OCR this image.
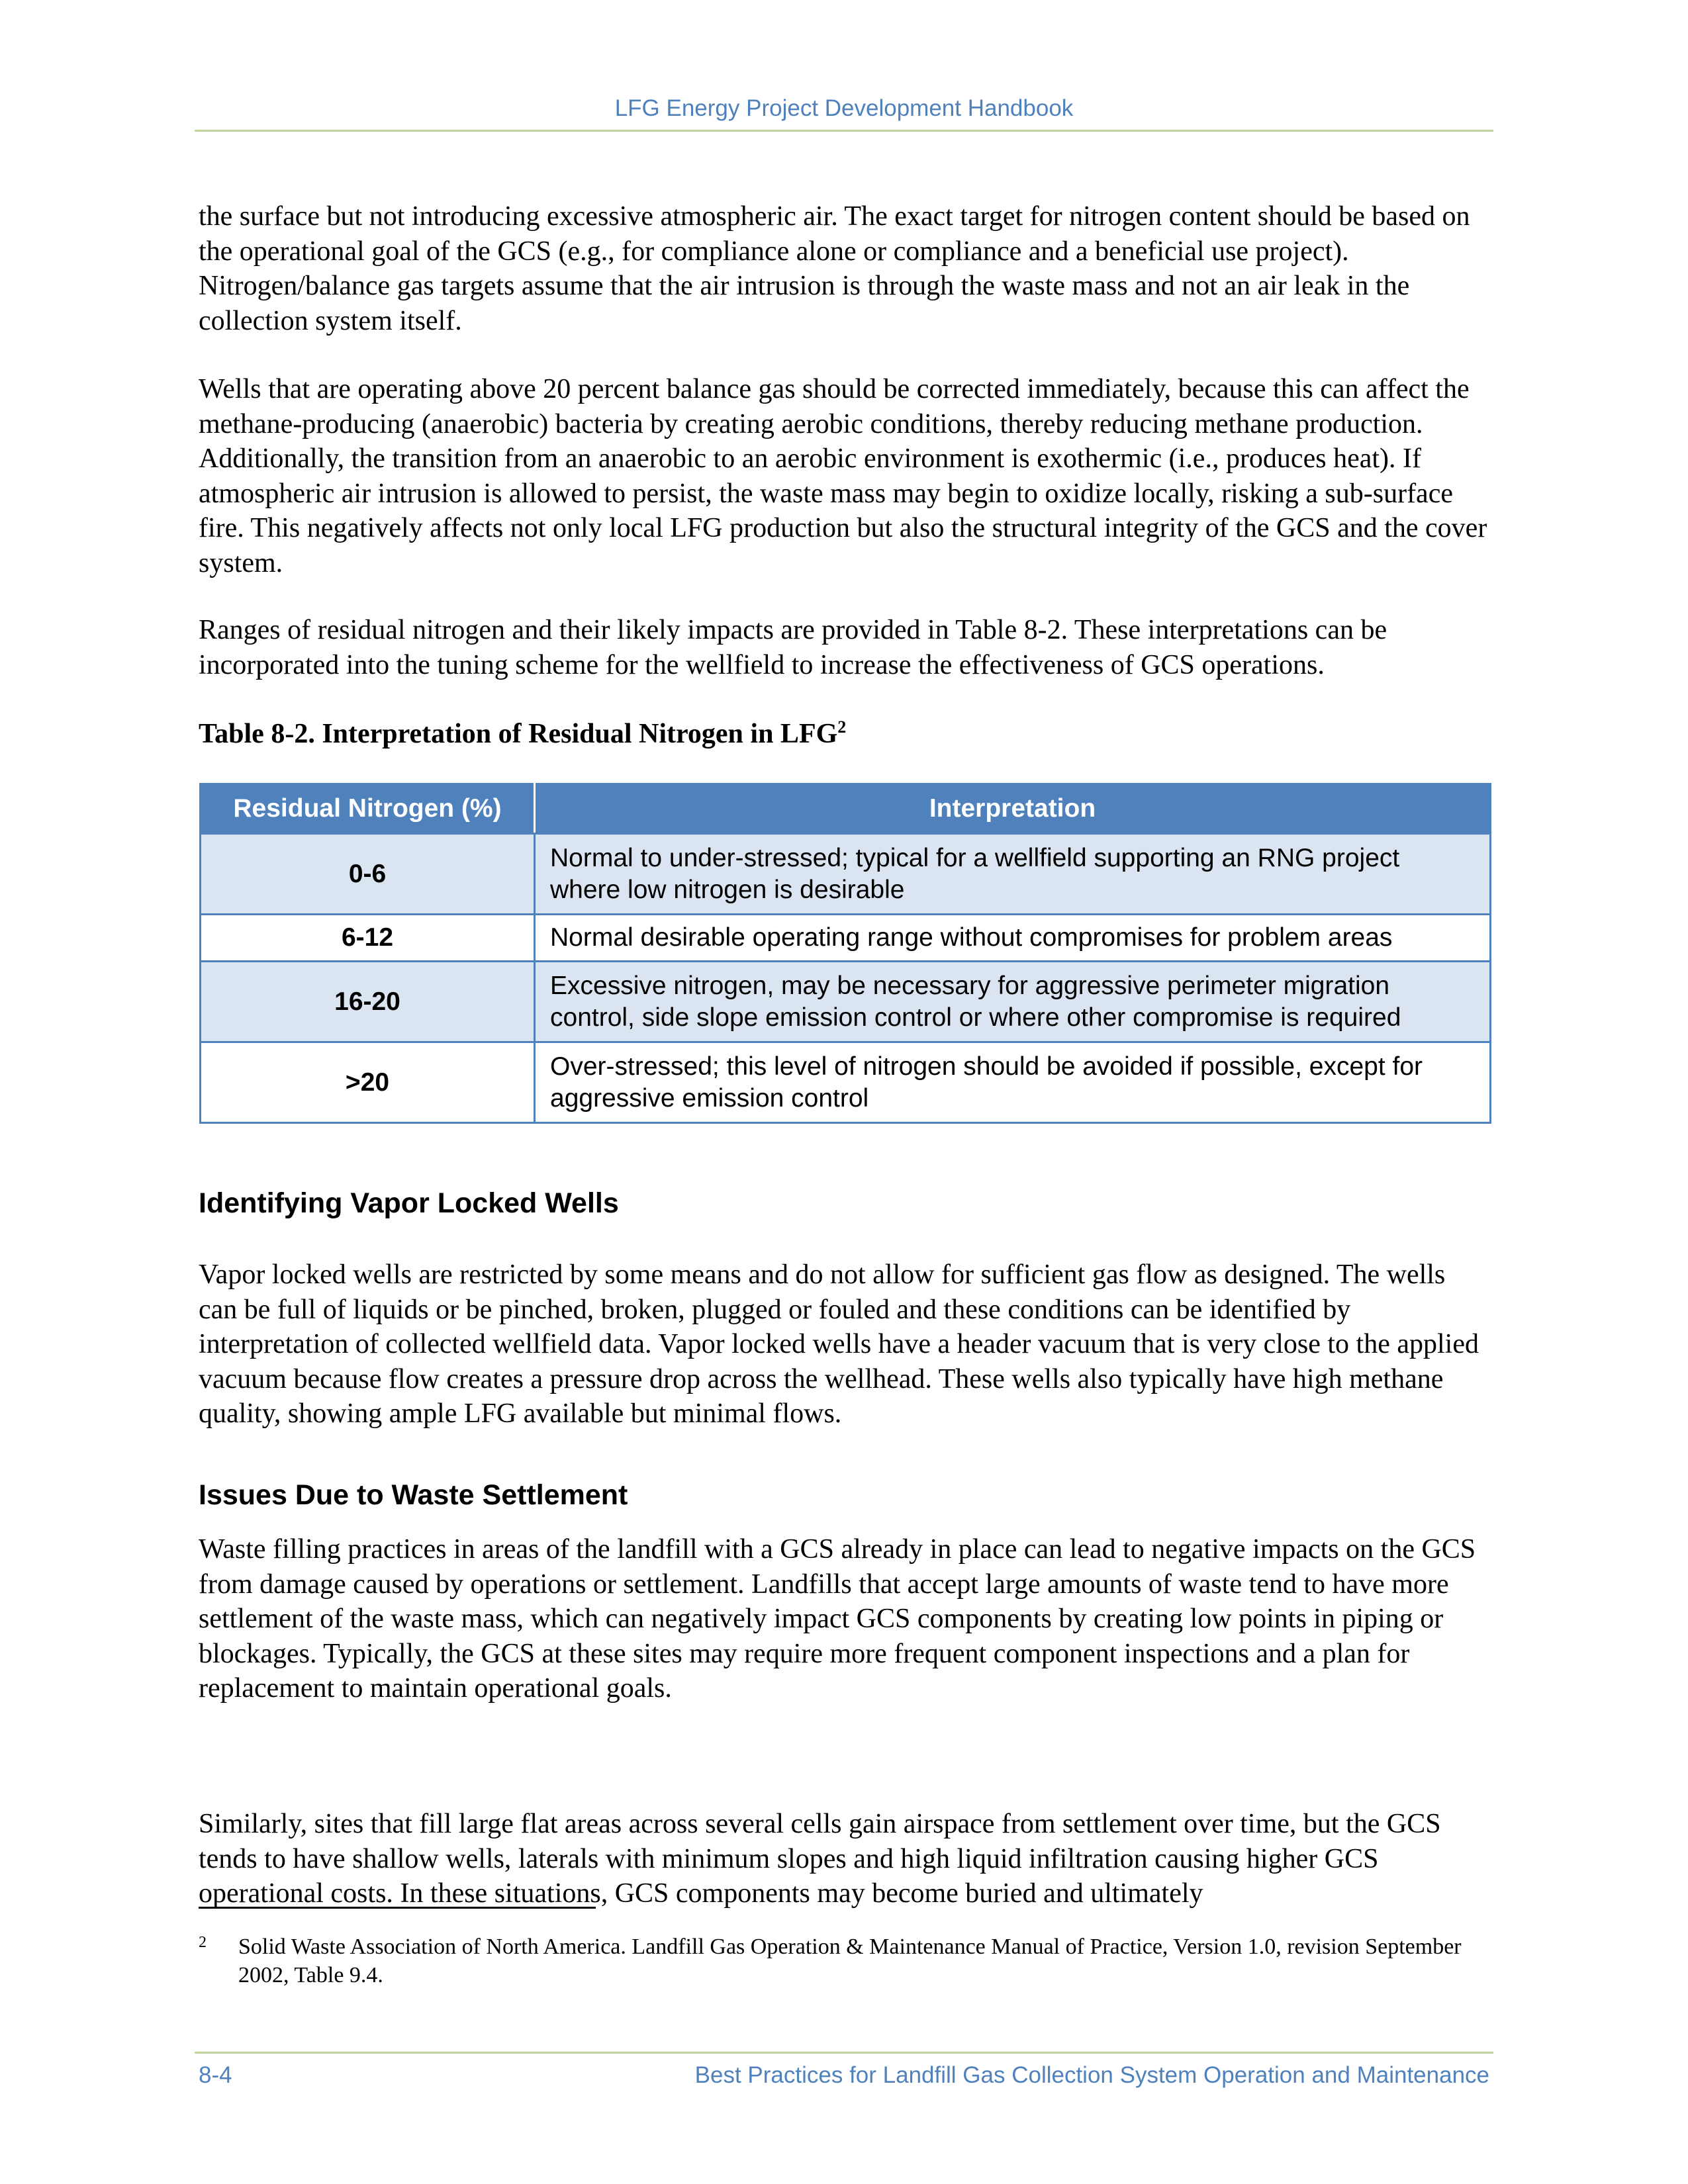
LFG Energy Project Development Handbook

the surface but not introducing excessive atmospheric air. The exact target for nitrogen content should be based on the operational goal of the GCS (e.g., for compliance alone or compliance and a beneficial use project). Nitrogen/balance gas targets assume that the air intrusion is through the waste mass and not an air leak in the collection system itself.

Wells that are operating above 20 percent balance gas should be corrected immediately, because this can affect the methane-producing (anaerobic) bacteria by creating aerobic conditions, thereby reducing methane production. Additionally, the transition from an anaerobic to an aerobic environment is exothermic (i.e., produces heat). If atmospheric air intrusion is allowed to persist, the waste mass may begin to oxidize locally, risking a sub-surface fire. This negatively affects not only local LFG production but also the structural integrity of the GCS and the cover system.

Ranges of residual nitrogen and their likely impacts are provided in Table 8-2. These interpretations can be incorporated into the tuning scheme for the wellfield to increase the effectiveness of GCS operations.

Table 8-2. Interpretation of Residual Nitrogen in LFG$^2$
Residual Nitrogen (%)	Interpretation
0-6	Normal to under-stressed; typical for a wellfield supporting an RNG project where low nitrogen is desirable
6-12	Normal desirable operating range without compromises for problem areas
16-20	Excessive nitrogen, may be necessary for aggressive perimeter migration control, side slope emission control or where other compromise is required
>20	Over-stressed; this level of nitrogen should be avoided if possible, except for aggressive emission control
Identifying Vapor Locked Wells

Vapor locked wells are restricted by some means and do not allow for sufficient gas flow as designed. The wells can be full of liquids or be pinched, broken, plugged or fouled and these conditions can be identified by interpretation of collected wellfield data. Vapor locked wells have a header vacuum that is very close to the applied vacuum because flow creates a pressure drop across the wellhead. These wells also typically have high methane quality, showing ample LFG available but minimal flows.

Issues Due to Waste Settlement

Waste filling practices in areas of the landfill with a GCS already in place can lead to negative impacts on the GCS from damage caused by operations or settlement. Landfills that accept large amounts of waste tend to have more settlement of the waste mass, which can negatively impact GCS components by creating low points in piping or blockages. Typically, the GCS at these sites may require more frequent component inspections and a plan for replacement to maintain operational goals.

Similarly, sites that fill large flat areas across several cells gain airspace from settlement over time, but the GCS tends to have shallow wells, laterals with minimum slopes and high liquid infiltration causing higher GCS operational costs. In these situations, GCS components may become buried and ultimately

2 Solid Waste Association of North America. Landfill Gas Operation & Maintenance Manual of Practice, Version 1.0, revision September 2002, Table 9.4.
8-4	Best Practices for Landfill Gas Collection System Operation and Maintenance
